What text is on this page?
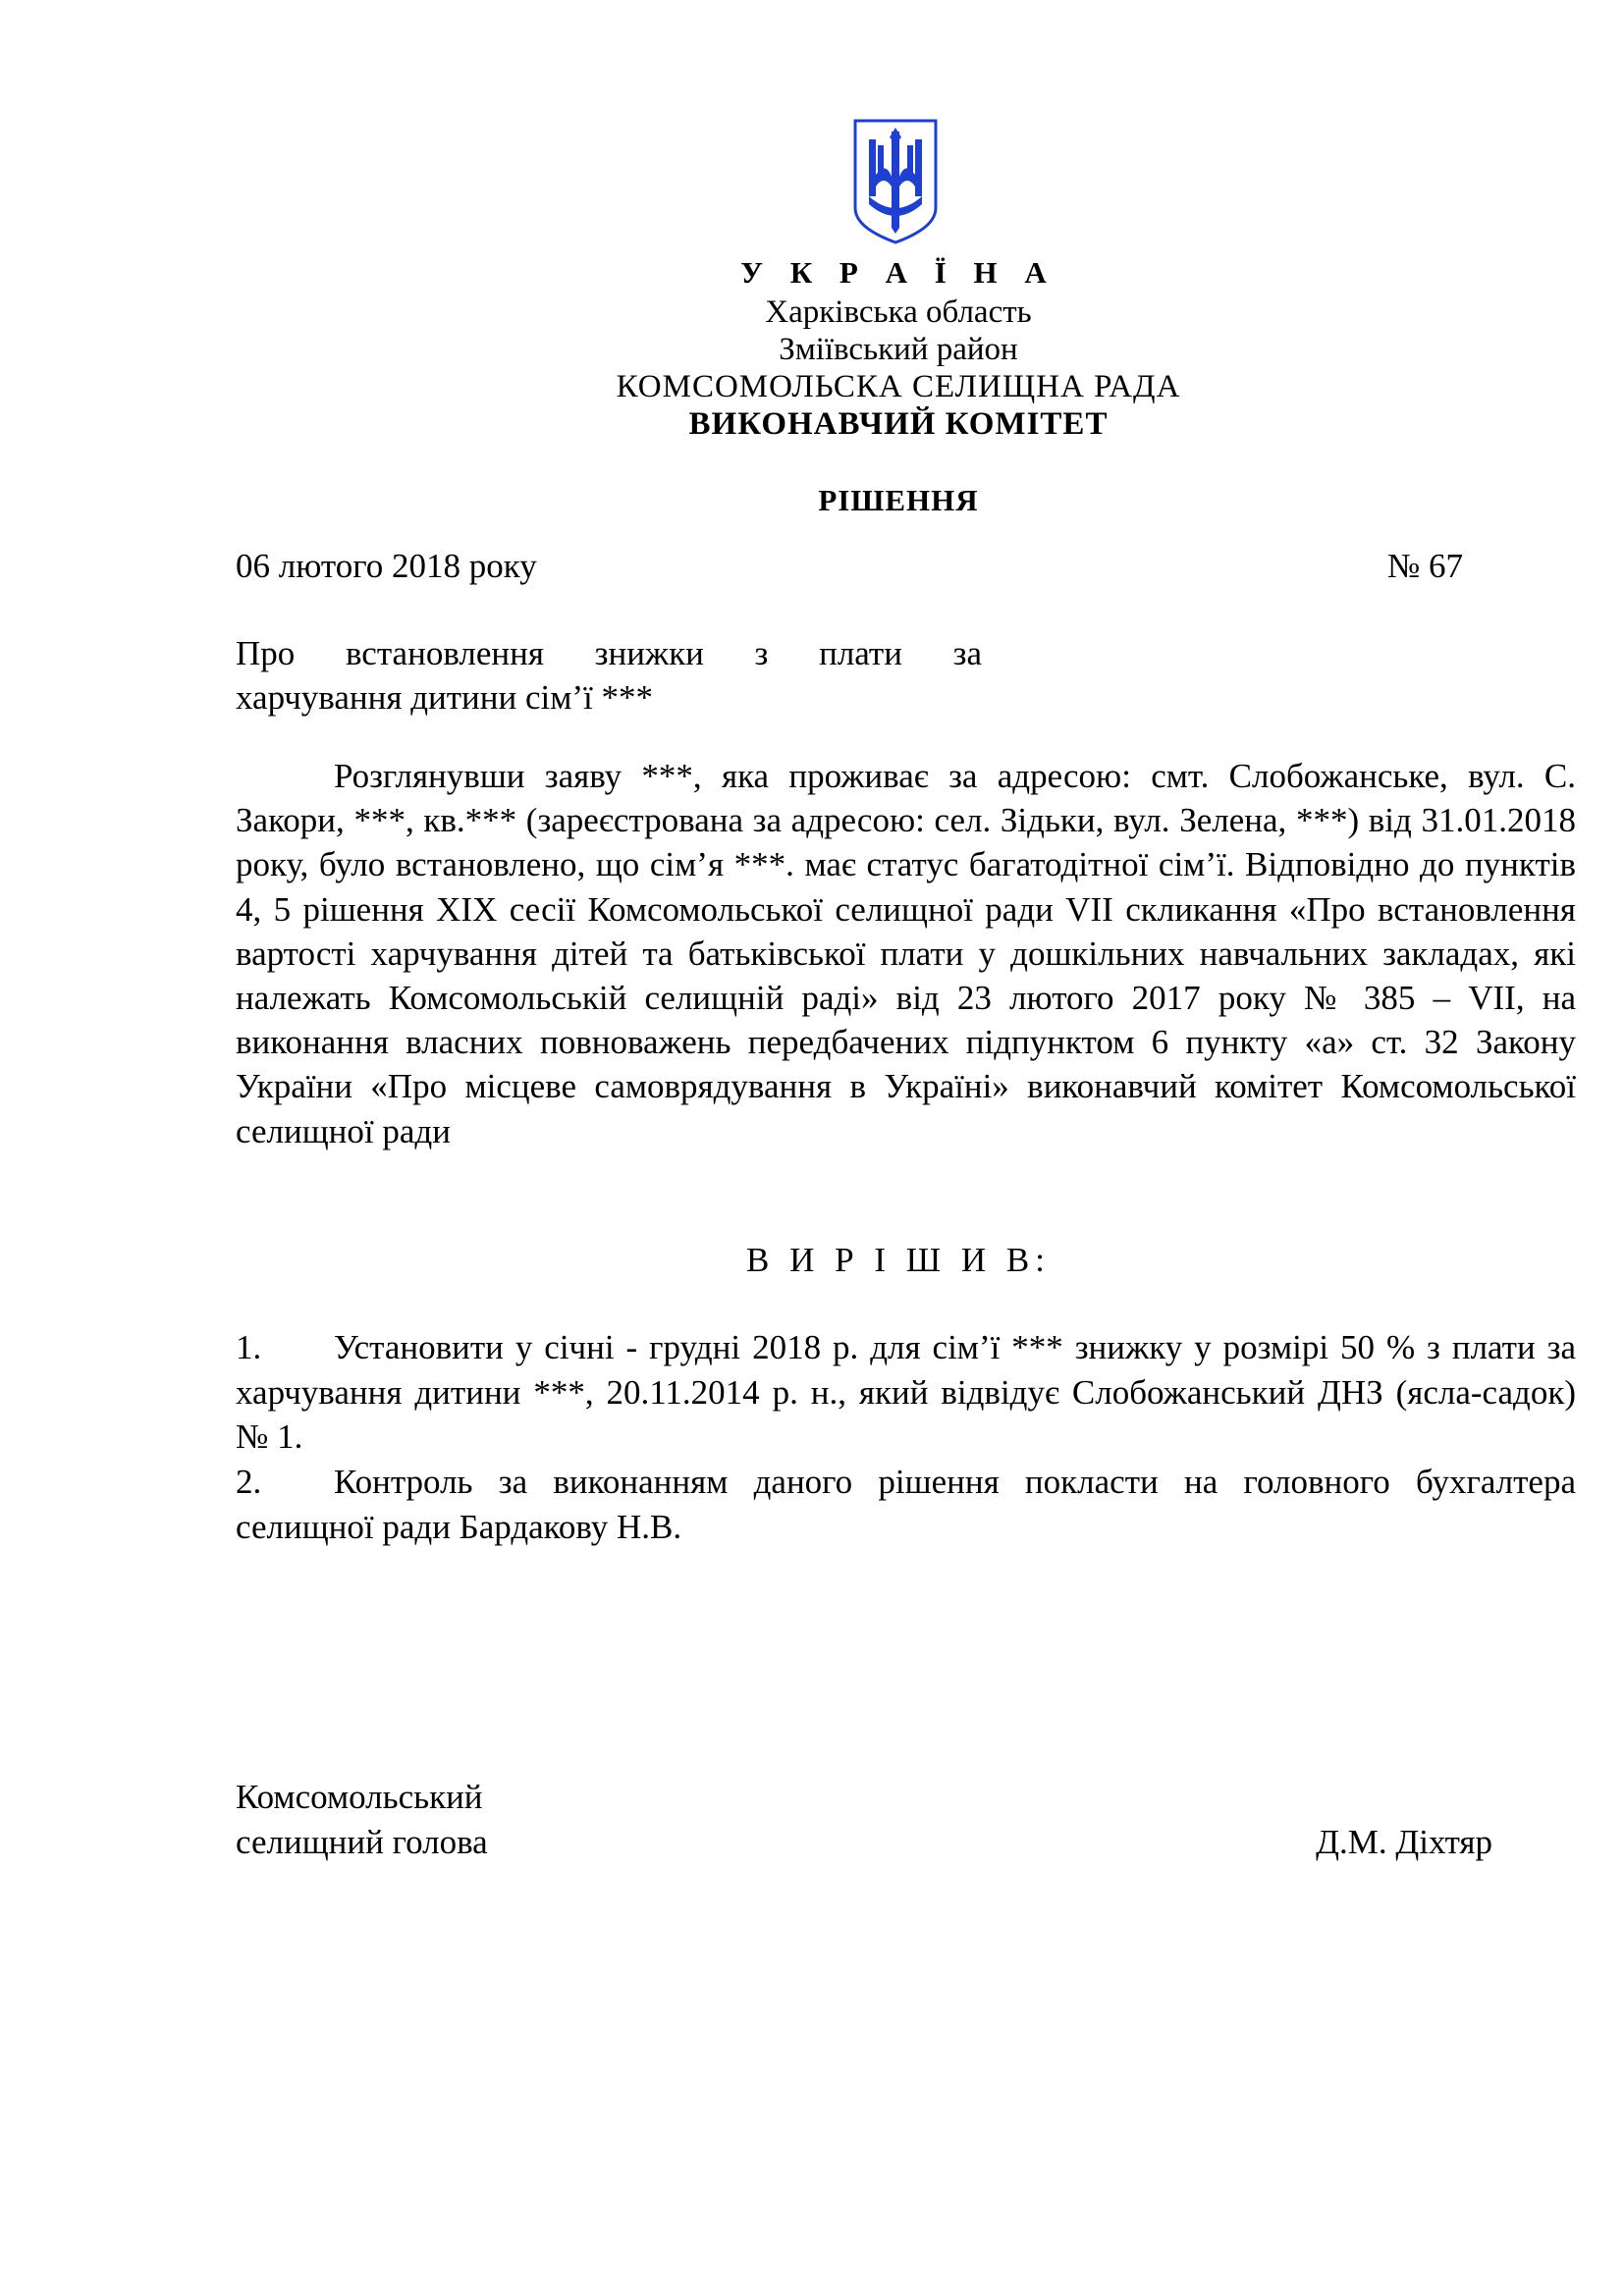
У К Р А Ї Н А
Харківська область
Зміївський район
КОМСОМОЛЬСКА СЕЛИЩНА РАДА
ВИКОНАВЧИЙ КОМІТЕТ
РІШЕННЯ
06 лютого 2018 року	№ 67
Про встановлення знижки з плати за
харчування дитини сім’ї ***
Розглянувши заяву ***, яка проживає за адресою: смт. Слобожанське, вул. С. Закори, ***, кв.*** (зареєстрована за адресою: сел. Зідьки, вул. Зелена, ***) від 31.01.2018 року, було встановлено, що сім’я ***. має статус багатодітної сім’ї. Відповідно до пунктів 4, 5 рішення XIX сесії Комсомольської селищної ради VII скликання «Про встановлення вартості харчування дітей та батьківської плати у дошкільних навчальних закладах, які належать Комсомольській селищній раді» від 23 лютого 2017 року № 385 – VII, на виконання власних повноважень передбачених підпунктом 6 пункту «а» ст. 32 Закону України «Про місцеве самоврядування в Україні» виконавчий комітет Комсомольської селищної ради
В И Р І Ш И В:
1. Установити у січні - грудні 2018 р. для сім’ї *** знижку у розмірі 50 % з плати за харчування дитини ***, 20.11.2014 р. н., який відвідує Слобожанський ДНЗ (ясла-садок) № 1.
2. Контроль за виконанням даного рішення покласти на головного бухгалтера селищної ради Бардакову Н.В.
Комсомольський
селищний голова	Д.М. Діхтяр
